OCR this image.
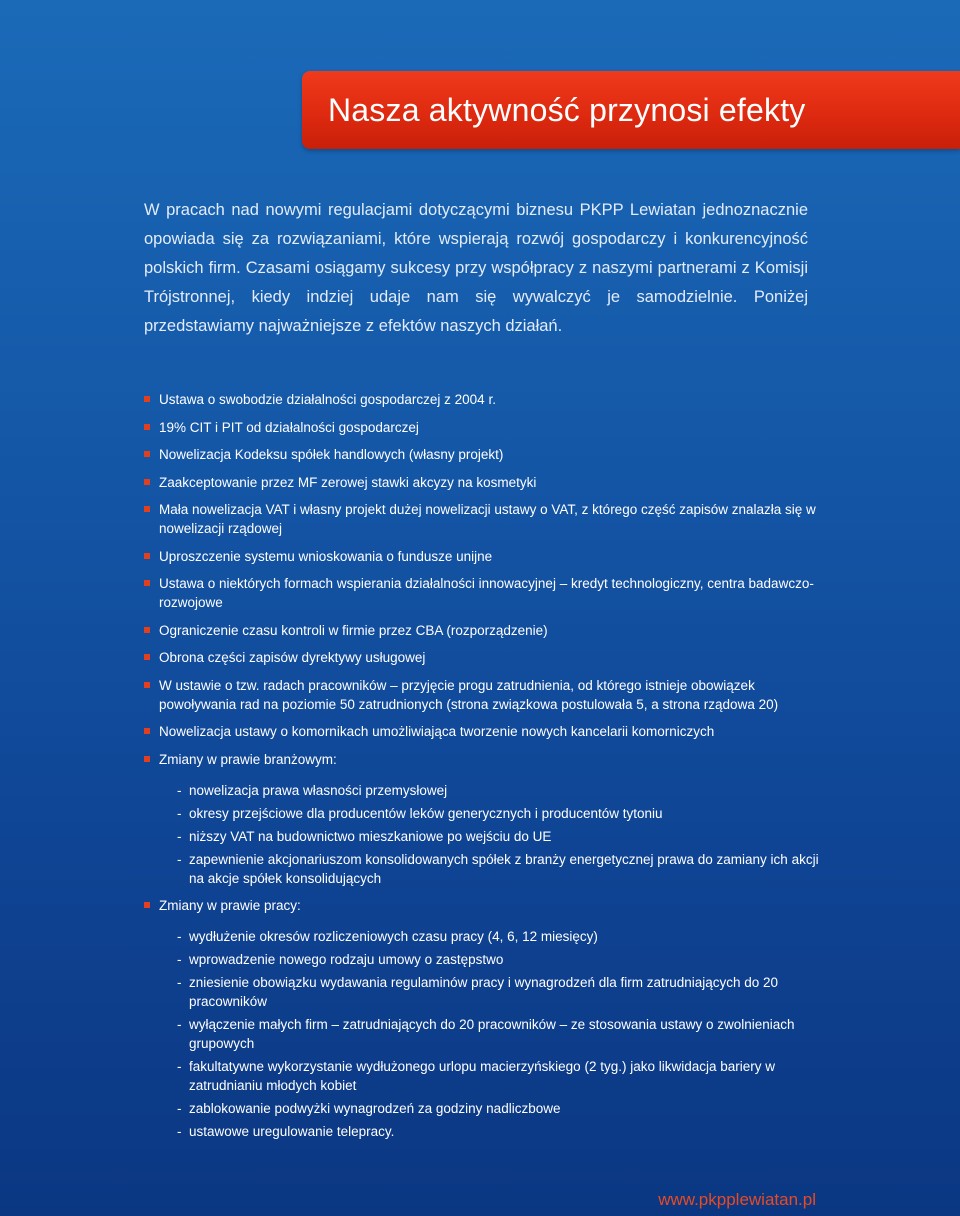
Nasza aktywność przynosi efekty

W pracach nad nowymi regulacjami dotyczącymi biznesu PKPP Lewiatan jednoznacznie opowiada się za rozwiązaniami, które wspierają rozwój gospodarczy i konkurencyjność polskich firm. Czasami osiągamy sukcesy przy współpracy z naszymi partnerami z Komisji Trójstronnej, kiedy indziej udaje nam się wywalczyć je samodzielnie. Poniżej przedstawiamy najważniejsze z efektów naszych działań.

Ustawa o swobodzie działalności gospodarczej z 2004 r.
19% CIT i PIT od działalności gospodarczej
Nowelizacja Kodeksu spółek handlowych (własny projekt)
Zaakceptowanie przez MF zerowej stawki akcyzy na kosmetyki
Mała nowelizacja VAT i własny projekt dużej nowelizacji ustawy o VAT, z którego część zapisów znalazła się w nowelizacji rządowej
Uproszczenie systemu wnioskowania o fundusze unijne
Ustawa o niektórych formach wspierania działalności innowacyjnej – kredyt technologiczny, centra badawczo-rozwojowe
Ograniczenie czasu kontroli w firmie przez CBA (rozporządzenie)
Obrona części zapisów dyrektywy usługowej
W ustawie o tzw. radach pracowników – przyjęcie progu zatrudnienia, od którego istnieje obowiązek powoływania rad na poziomie 50 zatrudnionych (strona związkowa postulowała 5, a strona rządowa 20)
Nowelizacja ustawy o komornikach umożliwiająca tworzenie nowych kancelarii komorniczych
Zmiany w prawie branżowym:
- nowelizacja prawa własności przemysłowej
- okresy przejściowe dla producentów leków generycznych i producentów tytoniu
- niższy VAT na budownictwo mieszkaniowe po wejściu do UE
- zapewnienie akcjonariuszom konsolidowanych spółek z branży energetycznej prawa do zamiany ich akcji na akcje spółek konsolidujących
Zmiany w prawie pracy:
- wydłużenie okresów rozliczeniowych czasu pracy (4, 6, 12 miesięcy)
- wprowadzenie nowego rodzaju umowy o zastępstwo
- zniesienie obowiązku wydawania regulaminów pracy i wynagrodzeń dla firm zatrudniających do 20 pracowników
- wyłączenie małych firm – zatrudniających do 20 pracowników – ze stosowania ustawy o zwolnieniach grupowych
- fakultatywne wykorzystanie wydłużonego urlopu macierzyńskiego (2 tyg.) jako likwidacja bariery w zatrudnianiu młodych kobiet
- zablokowanie podwyżki wynagrodzeń za godziny nadliczbowe
- ustawowe uregulowanie telepracy.
www.pkpplewiatan.pl
